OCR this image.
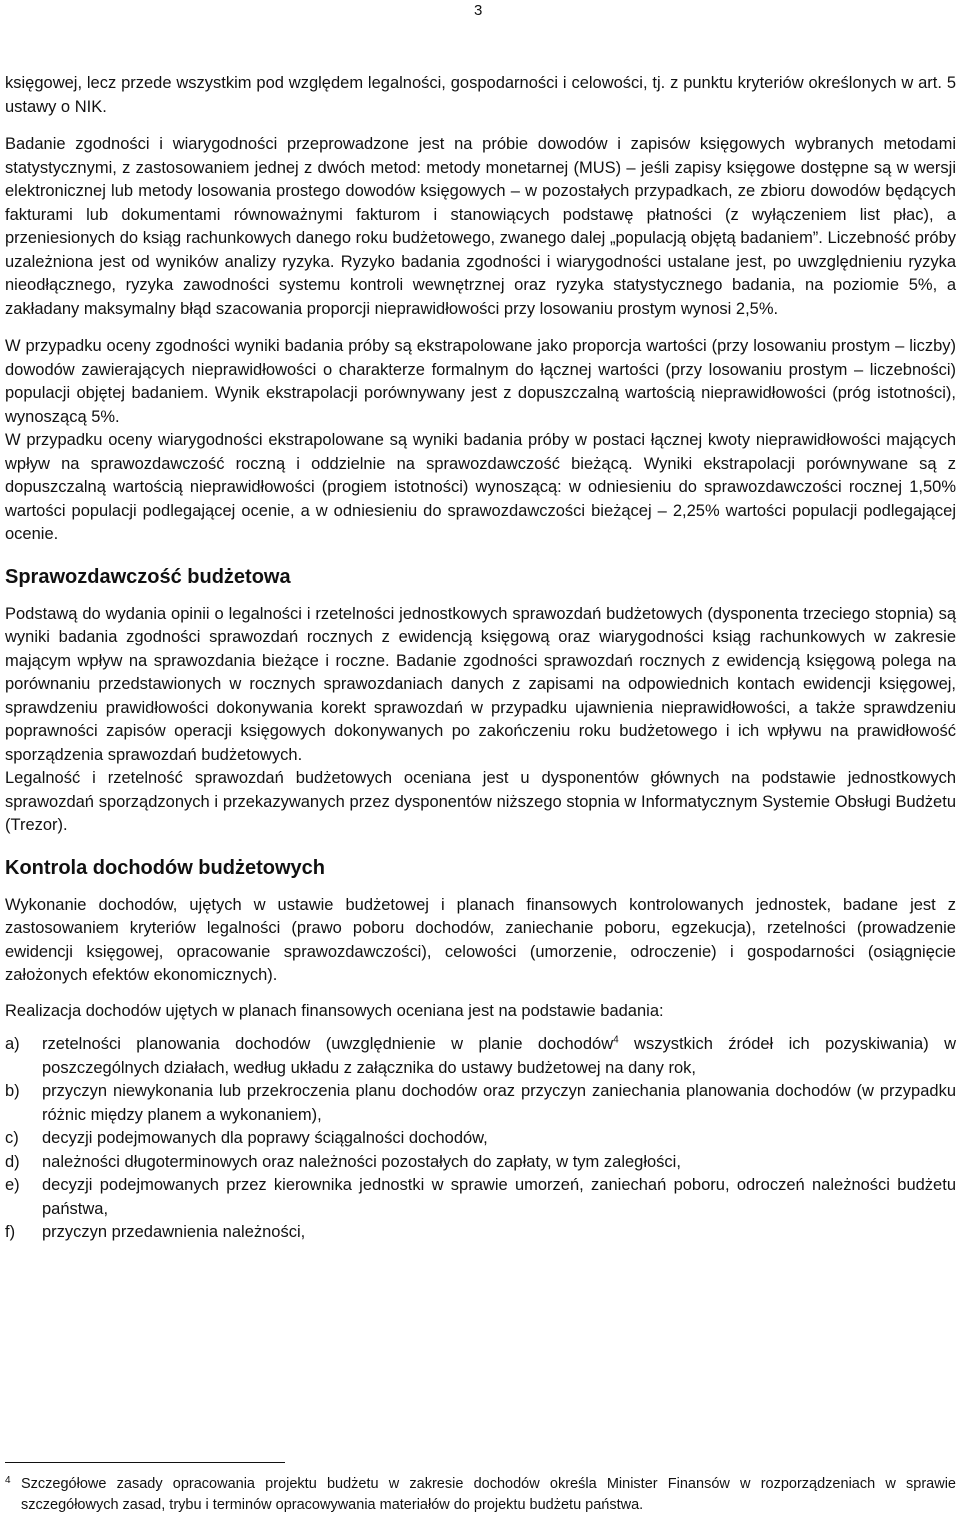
3

księgowej, lecz przede wszystkim pod względem legalności, gospodarności i celowości, tj. z punktu kryteriów określonych w art. 5 ustawy o NIK.

Badanie zgodności i wiarygodności przeprowadzone jest na próbie dowodów i zapisów księgowych wybranych metodami statystycznymi, z zastosowaniem jednej z dwóch metod: metody monetarnej (MUS) – jeśli zapisy księgowe dostępne są w wersji elektronicznej lub metody losowania prostego dowodów księgowych – w pozostałych przypadkach, ze zbioru dowodów będących fakturami lub dokumentami równoważnymi fakturom i stanowiących podstawę płatności (z wyłączeniem list płac), a przeniesionych do ksiąg rachunkowych danego roku budżetowego, zwanego dalej „populacją objętą badaniem”. Liczebność próby uzależniona jest od wyników analizy ryzyka. Ryzyko badania zgodności i wiarygodności ustalane jest, po uwzględnieniu ryzyka nieodłącznego, ryzyka zawodności systemu kontroli wewnętrznej oraz ryzyka statystycznego badania, na poziomie 5%, a zakładany maksymalny błąd szacowania proporcji nieprawidłowości przy losowaniu prostym wynosi 2,5%.

W przypadku oceny zgodności wyniki badania próby są ekstrapolowane jako proporcja wartości (przy losowaniu prostym – liczby) dowodów zawierających nieprawidłowości o charakterze formalnym do łącznej wartości (przy losowaniu prostym – liczebności) populacji objętej badaniem. Wynik ekstrapolacji porównywany jest z dopuszczalną wartością nieprawidłowości (próg istotności), wynoszącą 5%.

W przypadku oceny wiarygodności ekstrapolowane są wyniki badania próby w postaci łącznej kwoty nieprawidłowości mających wpływ na sprawozdawczość roczną i oddzielnie na sprawozdawczość bieżącą. Wyniki ekstrapolacji porównywane są z dopuszczalną wartością nieprawidłowości (progiem istotności) wynoszącą: w odniesieniu do sprawozdawczości rocznej 1,50% wartości populacji podlegającej ocenie, a w odniesieniu do sprawozdawczości bieżącej – 2,25% wartości populacji podlegającej ocenie.

Sprawozdawczość budżetowa

Podstawą do wydania opinii o legalności i rzetelności jednostkowych sprawozdań budżetowych (dysponenta trzeciego stopnia) są wyniki badania zgodności sprawozdań rocznych z ewidencją księgową oraz wiarygodności ksiąg rachunkowych w zakresie mającym wpływ na sprawozdania bieżące i roczne. Badanie zgodności sprawozdań rocznych z ewidencją księgową polega na porównaniu przedstawionych w rocznych sprawozdaniach danych z zapisami na odpowiednich kontach ewidencji księgowej, sprawdzeniu prawidłowości dokonywania korekt sprawozdań w przypadku ujawnienia nieprawidłowości, a także sprawdzeniu poprawności zapisów operacji księgowych dokonywanych po zakończeniu roku budżetowego i ich wpływu na prawidłowość sporządzenia sprawozdań budżetowych.

Legalność i rzetelność sprawozdań budżetowych oceniana jest u dysponentów głównych na podstawie jednostkowych sprawozdań sporządzonych i przekazywanych przez dysponentów niższego stopnia w Informatycznym Systemie Obsługi Budżetu (Trezor).

Kontrola dochodów budżetowych

Wykonanie dochodów, ujętych w ustawie budżetowej i planach finansowych kontrolowanych jednostek, badane jest z zastosowaniem kryteriów legalności (prawo poboru dochodów, zaniechanie poboru, egzekucja), rzetelności (prowadzenie ewidencji księgowej, opracowanie sprawozdawczości), celowości (umorzenie, odroczenie) i gospodarności (osiągnięcie założonych efektów ekonomicznych).

Realizacja dochodów ujętych w planach finansowych oceniana jest na podstawie badania:

a) rzetelności planowania dochodów (uwzględnienie w planie dochodów$^4$ wszystkich źródeł ich pozyskiwania) w poszczególnych działach, według układu z załącznika do ustawy budżetowej na dany rok,
b) przyczyn niewykonania lub przekroczenia planu dochodów oraz przyczyn zaniechania planowania dochodów (w przypadku różnic między planem a wykonaniem),
c) decyzji podejmowanych dla poprawy ściągalności dochodów,
d) należności długoterminowych oraz należności pozostałych do zapłaty, w tym zaległości,
e) decyzji podejmowanych przez kierownika jednostki w sprawie umorzeń, zaniechań poboru, odroczeń należności budżetu państwa,
f) przyczyn przedawnienia należności,
4 Szczegółowe zasady opracowania projektu budżetu w zakresie dochodów określa Minister Finansów w rozporządzeniach w sprawie szczegółowych zasad, trybu i terminów opracowywania materiałów do projektu budżetu państwa.
